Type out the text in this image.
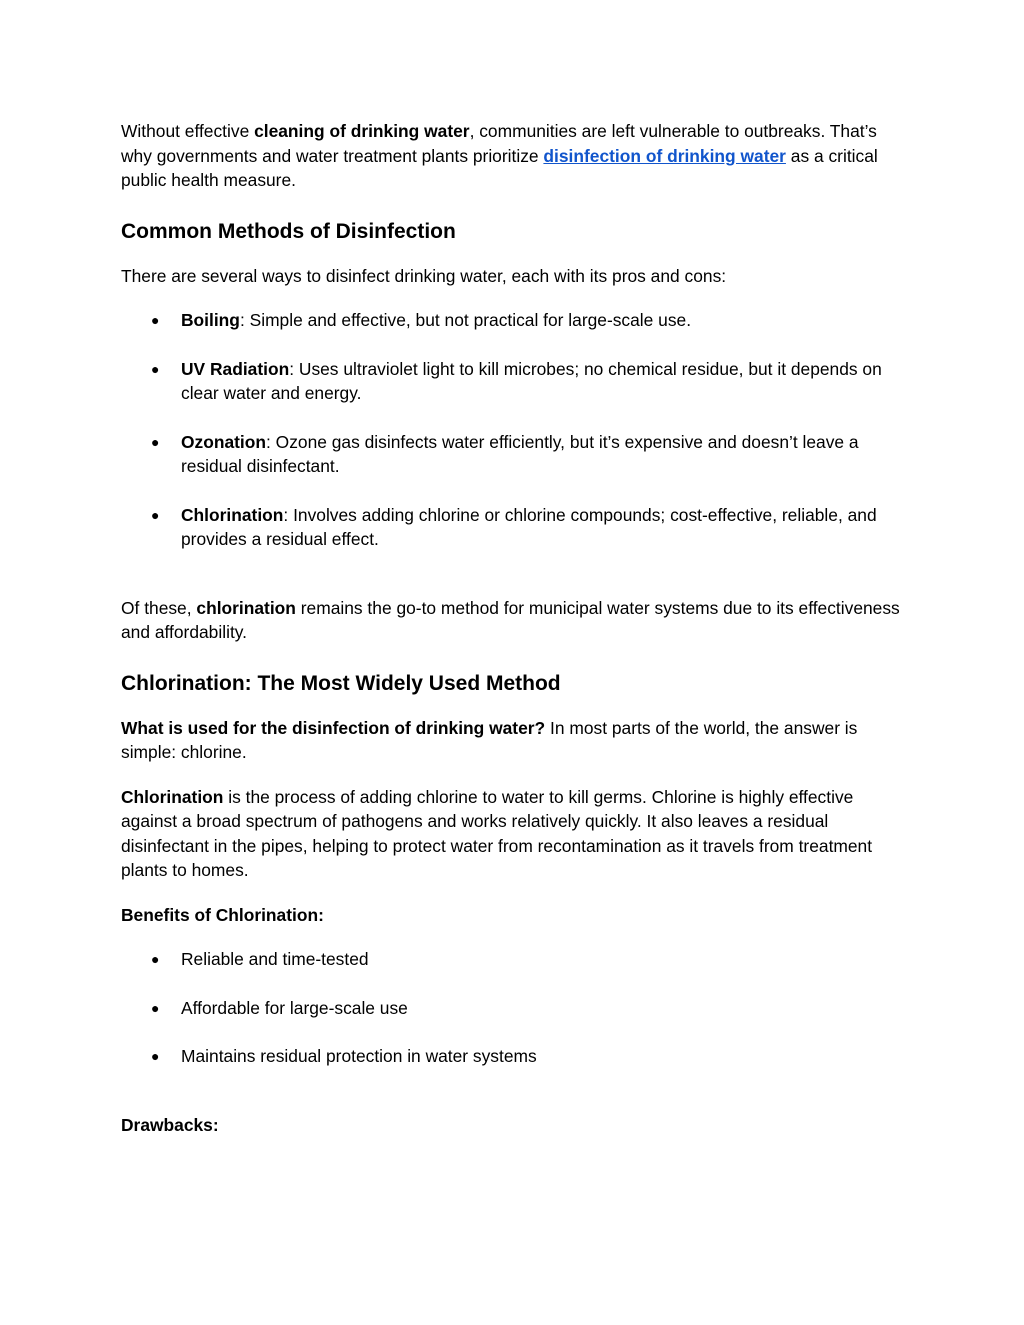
Without effective cleaning of drinking water, communities are left vulnerable to outbreaks. That’s why governments and water treatment plants prioritize disinfection of drinking water as a critical public health measure.

Common Methods of Disinfection

There are several ways to disinfect drinking water, each with its pros and cons:

● Boiling: Simple and effective, but not practical for large-scale use.
● UV Radiation: Uses ultraviolet light to kill microbes; no chemical residue, but it depends on clear water and energy.
● Ozonation: Ozone gas disinfects water efficiently, but it’s expensive and doesn’t leave a residual disinfectant.
● Chlorination: Involves adding chlorine or chlorine compounds; cost-effective, reliable, and provides a residual effect.

Of these, chlorination remains the go-to method for municipal water systems due to its effectiveness and affordability.

Chlorination: The Most Widely Used Method

What is used for the disinfection of drinking water? In most parts of the world, the answer is simple: chlorine.

Chlorination is the process of adding chlorine to water to kill germs. Chlorine is highly effective against a broad spectrum of pathogens and works relatively quickly. It also leaves a residual disinfectant in the pipes, helping to protect water from recontamination as it travels from treatment plants to homes.

Benefits of Chlorination:

● Reliable and time-tested
● Affordable for large-scale use
● Maintains residual protection in water systems

Drawbacks:
